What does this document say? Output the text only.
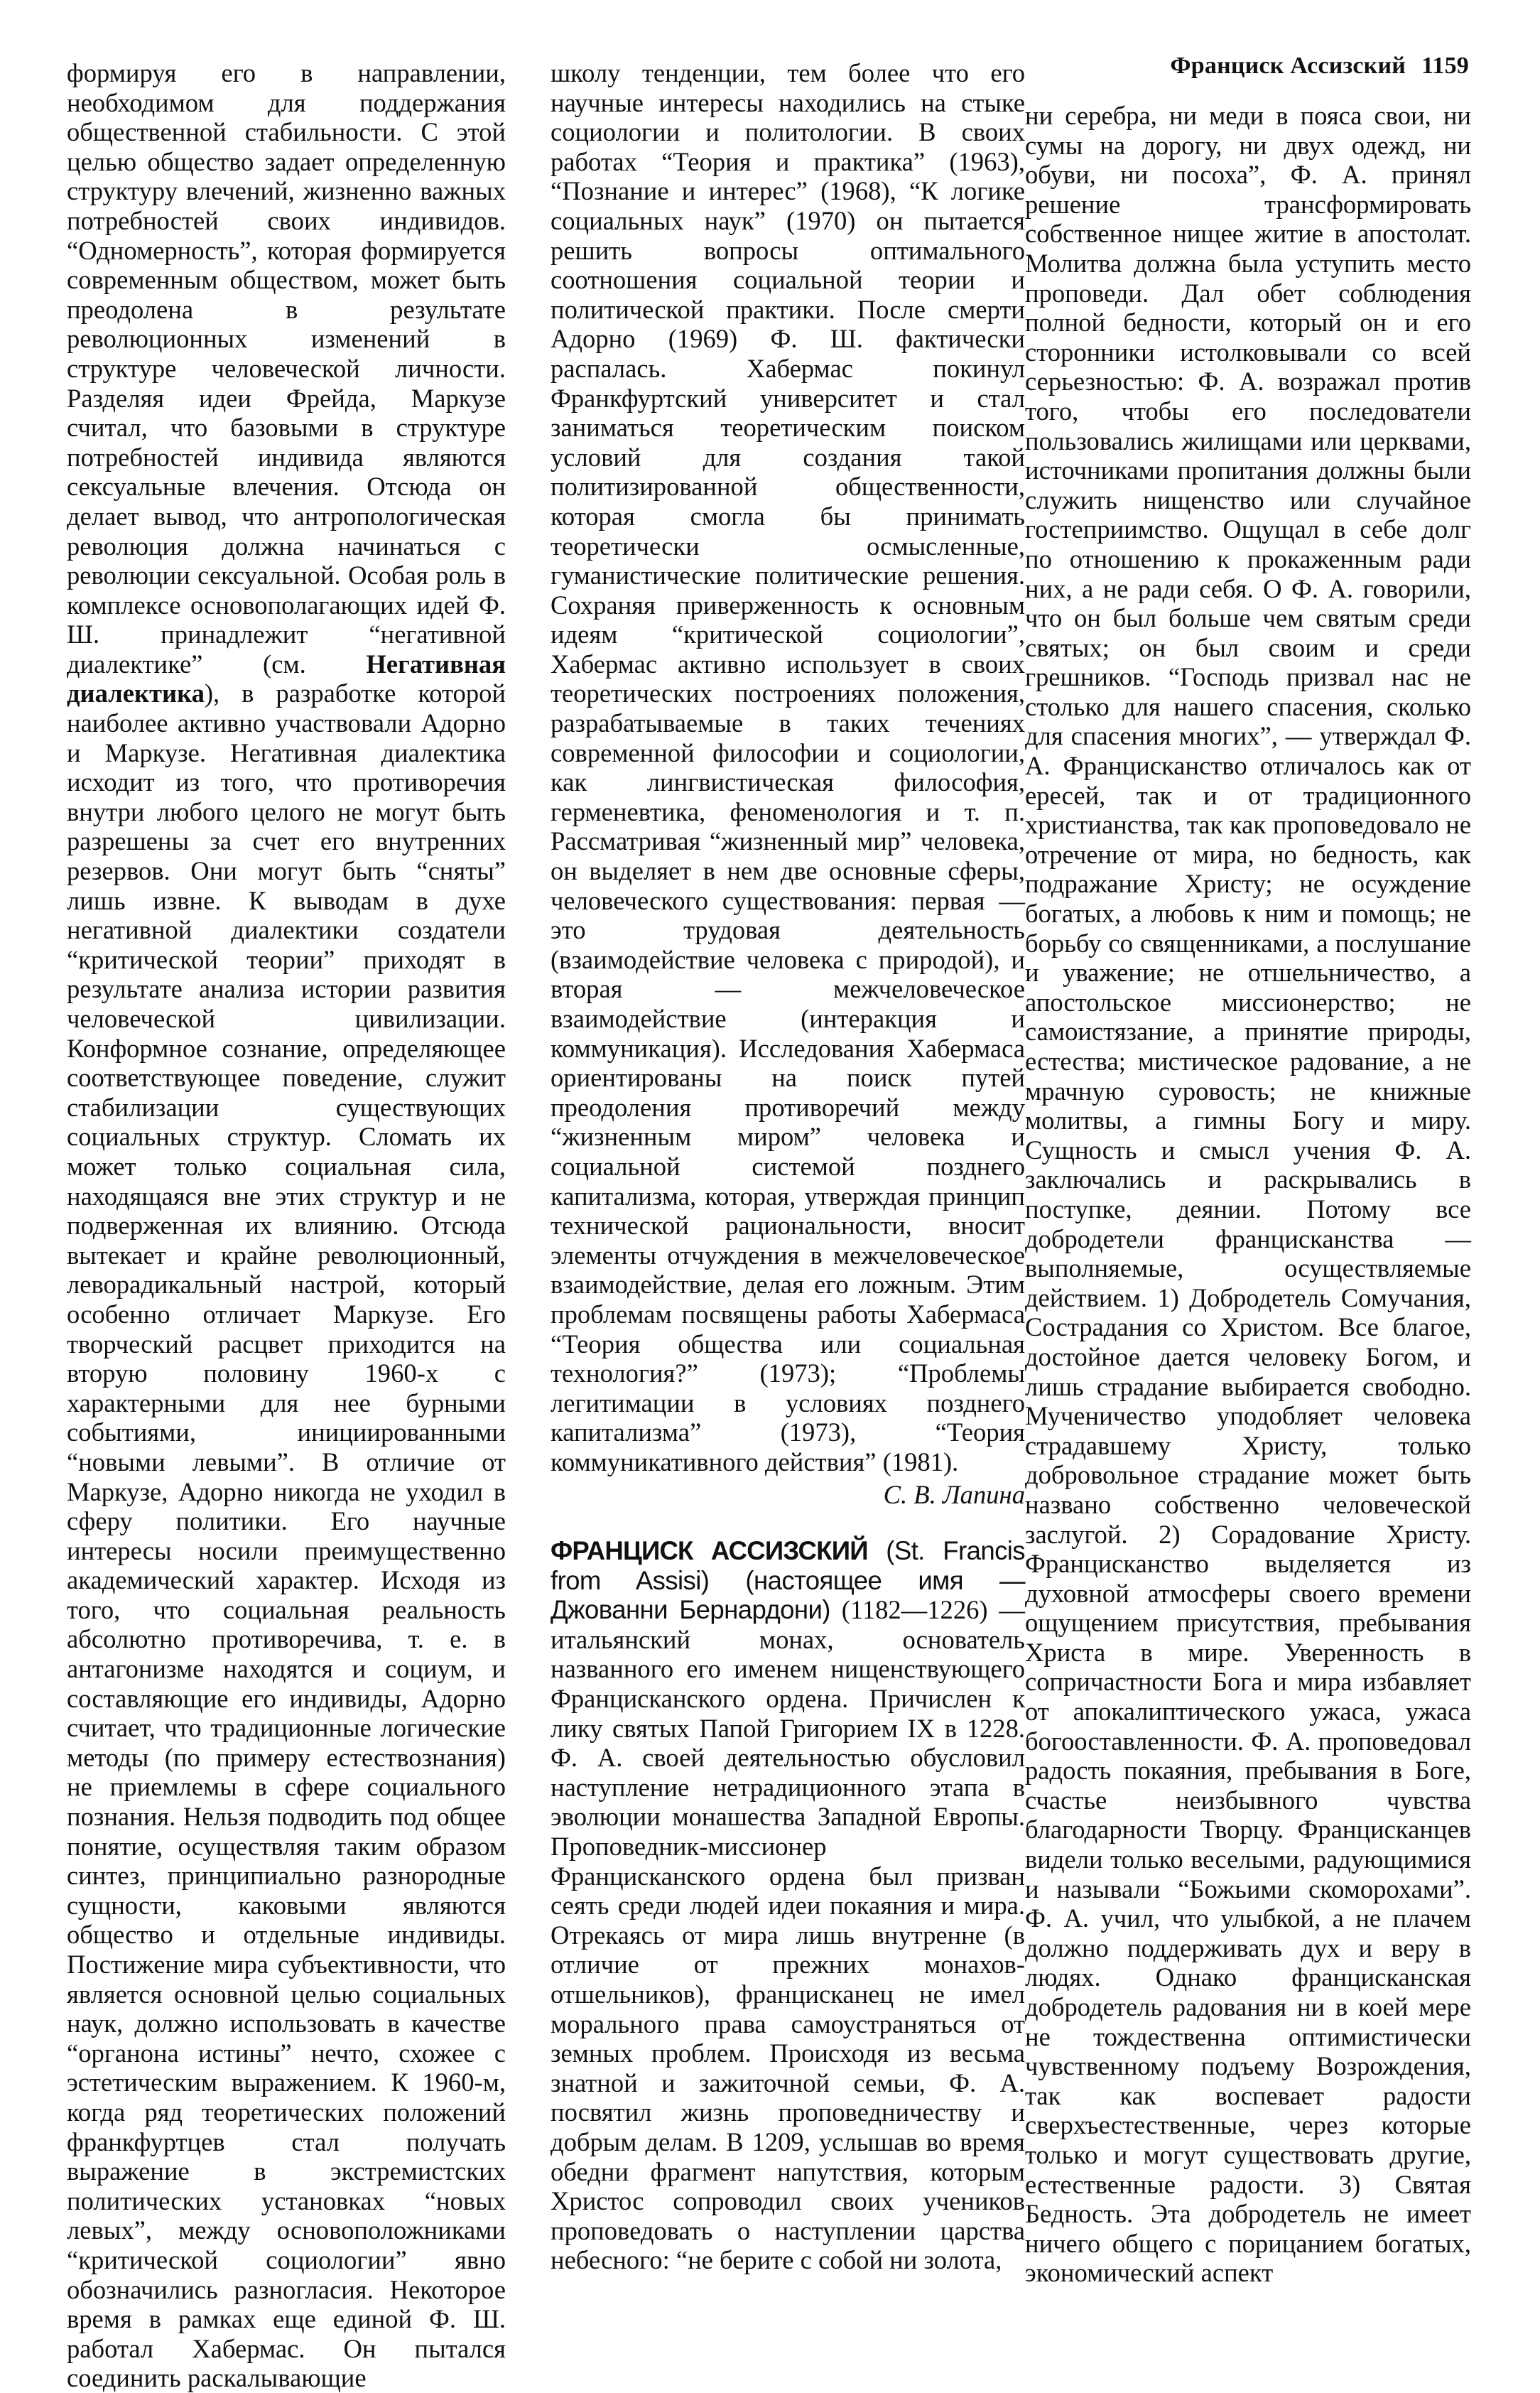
Франциск Ассизский 1159

формируя его в направлении, необходимом для поддержания общественной стабильности. С этой целью общество задает определенную структуру влечений, жизненно важных потребностей своих индивидов. “Одномерность”, которая формируется современным обществом, может быть преодолена в результате революционных изменений в структуре человеческой личности. Разделяя идеи Фрейда, Маркузе считал, что базовыми в структуре потребностей индивида являются сексуальные влечения. Отсюда он делает вывод, что антропологическая революция должна начинаться с революции сексуальной. Особая роль в комплексе основополагающих идей Ф. Ш. принадлежит “негативной диалектике” (см. Негативная диалектика), в разработке которой наиболее активно участвовали Адорно и Маркузе. Негативная диалектика исходит из того, что противоречия внутри любого целого не могут быть разрешены за счет его внутренних резервов. Они могут быть “сняты” лишь извне. К выводам в духе негативной диалектики создатели “критической теории” приходят в результате анализа истории развития человеческой цивилизации. Конформное сознание, определяющее соответствующее поведение, служит стабилизации существующих социальных структур. Сломать их может только социальная сила, находящаяся вне этих структур и не подверженная их влиянию. Отсюда вытекает и крайне революционный, леворадикальный настрой, который особенно отличает Маркузе. Его творческий расцвет приходится на вторую половину 1960-х с характерными для нее бурными событиями, инициированными “новыми левыми”. В отличие от Маркузе, Адорно никогда не уходил в сферу политики. Его научные интересы носили преимущественно академический характер. Исходя из того, что социальная реальность абсолютно противоречива, т. е. в антагонизме находятся и социум, и составляющие его индивиды, Адорно считает, что традиционные логические методы (по примеру естествознания) не приемлемы в сфере социального познания. Нельзя подводить под общее понятие, осуществляя таким образом синтез, принципиально разнородные сущности, каковыми являются общество и отдельные индивиды. Постижение мира субъективности, что является основной целью социальных наук, должно использовать в качестве “органона истины” нечто, схожее с эстетическим выражением. К 1960-м, когда ряд теоретических положений франкфуртцев стал получать выражение в экстремистских политических установках “новых левых”, между основоположниками “критической социологии” явно обозначились разногласия. Некоторое время в рамках еще единой Ф. Ш. работал Хабермас. Он пытался соединить раскалывающие

школу тенденции, тем более что его научные интересы находились на стыке социологии и политологии. В своих работах “Теория и практика” (1963), “Познание и интерес” (1968), “К логике социальных наук” (1970) он пытается решить вопросы оптимального соотношения социальной теории и политической практики. После смерти Адорно (1969) Ф. Ш. фактически распалась. Хабермас покинул Франкфуртский университет и стал заниматься теоретическим поиском условий для создания такой политизированной общественности, которая смогла бы принимать теоретически осмысленные, гуманистические политические решения. Сохраняя приверженность к основным идеям “критической социологии”, Хабермас активно использует в своих теоретических построениях положения, разрабатываемые в таких течениях современной философии и социологии, как лингвистическая философия, герменевтика, феноменология и т. п. Рассматривая “жизненный мир” человека, он выделяет в нем две основные сферы, человеческого существования: первая — это трудовая деятельность (взаимодействие человека с природой), и вторая — межчеловеческое взаимодействие (интеракция и коммуникация). Исследования Хабермаса ориентированы на поиск путей преодоления противоречий между “жизненным миром” человека и социальной системой позднего капитализма, которая, утверждая принцип технической рациональности, вносит элементы отчуждения в межчеловеческое взаимодействие, делая его ложным. Этим проблемам посвящены работы Хабермаса “Теория общества или социальная технология?” (1973); “Проблемы легитимации в условиях позднего капитализма” (1973), “Теория коммуникативного действия” (1981).

С. В. Лапина

ФРАНЦИСК АССИЗСКИЙ (St. Francis from Assisi) (настоящее имя — Джованни Бернардони) (1182—1226) — итальянский монах, основатель названного его именем нищенствующего Францисканского ордена. Причислен к лику святых Папой Григорием IX в 1228. Ф. А. своей деятельностью обусловил наступление нетрадиционного этапа в эволюции монашества Западной Европы. Проповедник-миссионер Францисканского ордена был призван сеять среди людей идеи покаяния и мира. Отрекаясь от мира лишь внутренне (в отличие от прежних монахов-отшельников), францисканец не имел морального права самоустраняться от земных проблем. Происходя из весьма знатной и зажиточной семьи, Ф. А. посвятил жизнь проповедничеству и добрым делам. В 1209, услышав во время обедни фрагмент напутствия, которым Христос сопроводил своих учеников проповедовать о наступлении царства небесного: “не берите с собой ни золота,

ни серебра, ни меди в пояса свои, ни сумы на дорогу, ни двух одежд, ни обуви, ни посоха”, Ф. А. принял решение трансформировать собственное нищее житие в апостолат. Молитва должна была уступить место проповеди. Дал обет соблюдения полной бедности, который он и его сторонники истолковывали со всей серьезностью: Ф. А. возражал против того, чтобы его последователи пользовались жилищами или церквами, источниками пропитания должны были служить нищенство или случайное гостеприимство. Ощущал в себе долг по отношению к прокаженным ради них, а не ради себя. О Ф. А. говорили, что он был больше чем святым среди святых; он был своим и среди грешников. “Господь призвал нас не столько для нашего спасения, сколько для спасения многих”, — утверждал Ф. А. Францисканство отличалось как от ересей, так и от традиционного христианства, так как проповедовало не отречение от мира, но бедность, как подражание Христу; не осуждение богатых, а любовь к ним и помощь; не борьбу со священниками, а послушание и уважение; не отшельничество, а апостольское миссионерство; не самоистязание, а принятие природы, естества; мистическое радование, а не мрачную суровость; не книжные молитвы, а гимны Богу и миру. Сущность и смысл учения Ф. А. заключались и раскрывались в поступке, деянии. Потому все добродетели францисканства — выполняемые, осуществляемые действием. 1) Добродетель Сомучания, Сострадания со Христом. Все благое, достойное дается человеку Богом, и лишь страдание выбирается свободно. Мученичество уподобляет человека страдавшему Христу, только добровольное страдание может быть названо собственно человеческой заслугой. 2) Сорадование Христу. Францисканство выделяется из духовной атмосферы своего времени ощущением присутствия, пребывания Христа в мире. Уверенность в сопричастности Бога и мира избавляет от апокалиптического ужаса, ужаса богооставленности. Ф. А. проповедовал радость покаяния, пребывания в Боге, счастье неизбывного чувства благодарности Творцу. Францисканцев видели только веселыми, радующимися и называли “Божьими скоморохами”. Ф. А. учил, что улыбкой, а не плачем должно поддерживать дух и веру в людях. Однако францисканская добродетель радования ни в коей мере не тождественна оптимистически чувственному подъему Возрождения, так как воспевает радости сверхъестественные, через которые только и могут существовать другие, естественные радости. 3) Святая Бедность. Эта добродетель не имеет ничего общего с порицанием богатых, экономический аспект
